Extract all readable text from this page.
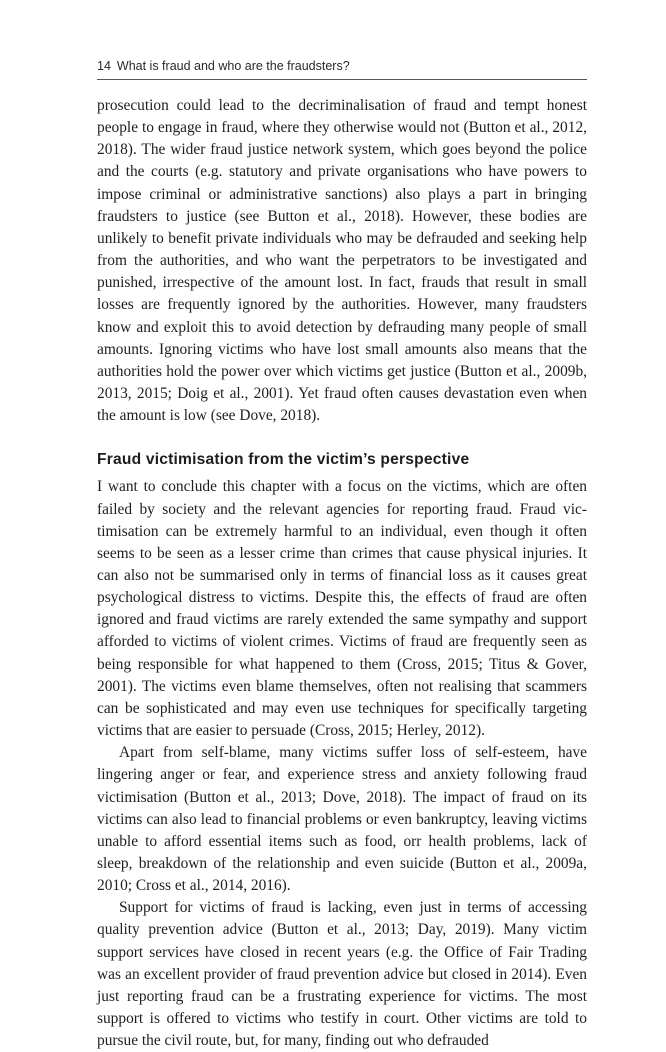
14 What is fraud and who are the fraudsters?

prosecution could lead to the decriminalisation of fraud and tempt honest people to engage in fraud, where they otherwise would not (Button et al., 2012, 2018). The wider fraud justice network system, which goes beyond the police and the courts (e.g. statutory and private organisations who have powers to impose criminal or administrative sanctions) also plays a part in bringing fraudsters to justice (see Button et al., 2018). However, these bodies are unlikely to benefit private individuals who may be defrauded and seeking help from the authorities, and who want the perpetrators to be investigated and punished, irrespective of the amount lost. In fact, frauds that result in small losses are frequently ignored by the authorities. However, many fraudsters know and exploit this to avoid detection by defrauding many people of small amounts. Ignoring victims who have lost small amounts also means that the authorities hold the power over which victims get justice (Button et al., 2009b, 2013, 2015; Doig et al., 2001). Yet fraud often causes devastation even when the amount is low (see Dove, 2018).

Fraud victimisation from the victim’s perspective

I want to conclude this chapter with a focus on the victims, which are often failed by society and the relevant agencies for reporting fraud. Fraud victimisation can be extremely harmful to an individual, even though it often seems to be seen as a lesser crime than crimes that cause physical injuries. It can also not be summarised only in terms of financial loss as it causes great psychological distress to victims. Despite this, the effects of fraud are often ignored and fraud victims are rarely extended the same sympathy and support afforded to victims of violent crimes. Victims of fraud are frequently seen as being responsible for what happened to them (Cross, 2015; Titus & Gover, 2001). The victims even blame themselves, often not realising that scammers can be sophisticated and may even use techniques for specifically targeting victims that are easier to persuade (Cross, 2015; Herley, 2012).

Apart from self-blame, many victims suffer loss of self-esteem, have lingering anger or fear, and experience stress and anxiety following fraud victimisation (Button et al., 2013; Dove, 2018). The impact of fraud on its victims can also lead to financial problems or even bankruptcy, leaving victims unable to afford essential items such as food, orr health problems, lack of sleep, breakdown of the relationship and even suicide (Button et al., 2009a, 2010; Cross et al., 2014, 2016).

Support for victims of fraud is lacking, even just in terms of accessing quality prevention advice (Button et al., 2013; Day, 2019). Many victim support services have closed in recent years (e.g. the Office of Fair Trading was an excellent provider of fraud prevention advice but closed in 2014). Even just reporting fraud can be a frustrating experience for victims. The most support is offered to victims who testify in court. Other victims are told to pursue the civil route, but, for many, finding out who defrauded
